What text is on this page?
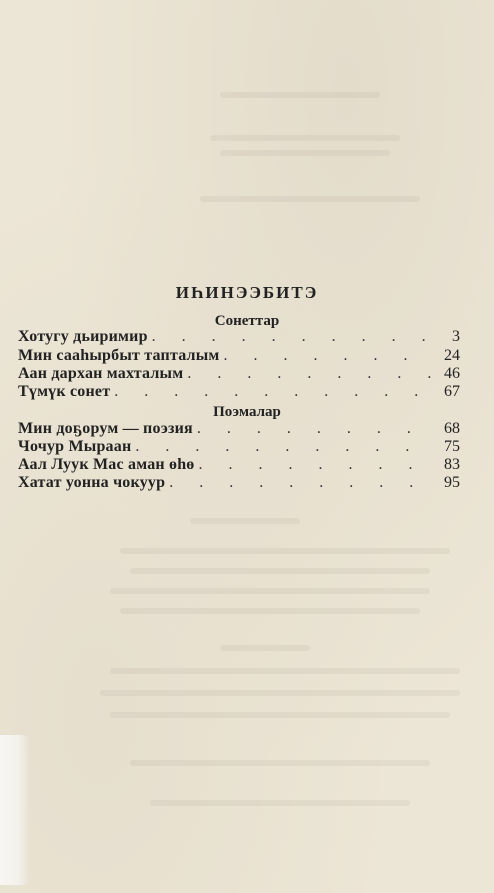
ИҺИНЭЭБИТЭ
Сонеттар
Хотугу дьиримир . . .	3
Мин сааһырбыт тапталым . . .	24
Аан дархан махталым . . .	46
Түмүк сонет . . .	67
Поэмалар
Мин доҕорум — поэзия . . .	68
Чочур Мыраан . . .	75
Аал Луук Мас аман өһө . . .	83
Хатат уонна чокуур . . .	95
